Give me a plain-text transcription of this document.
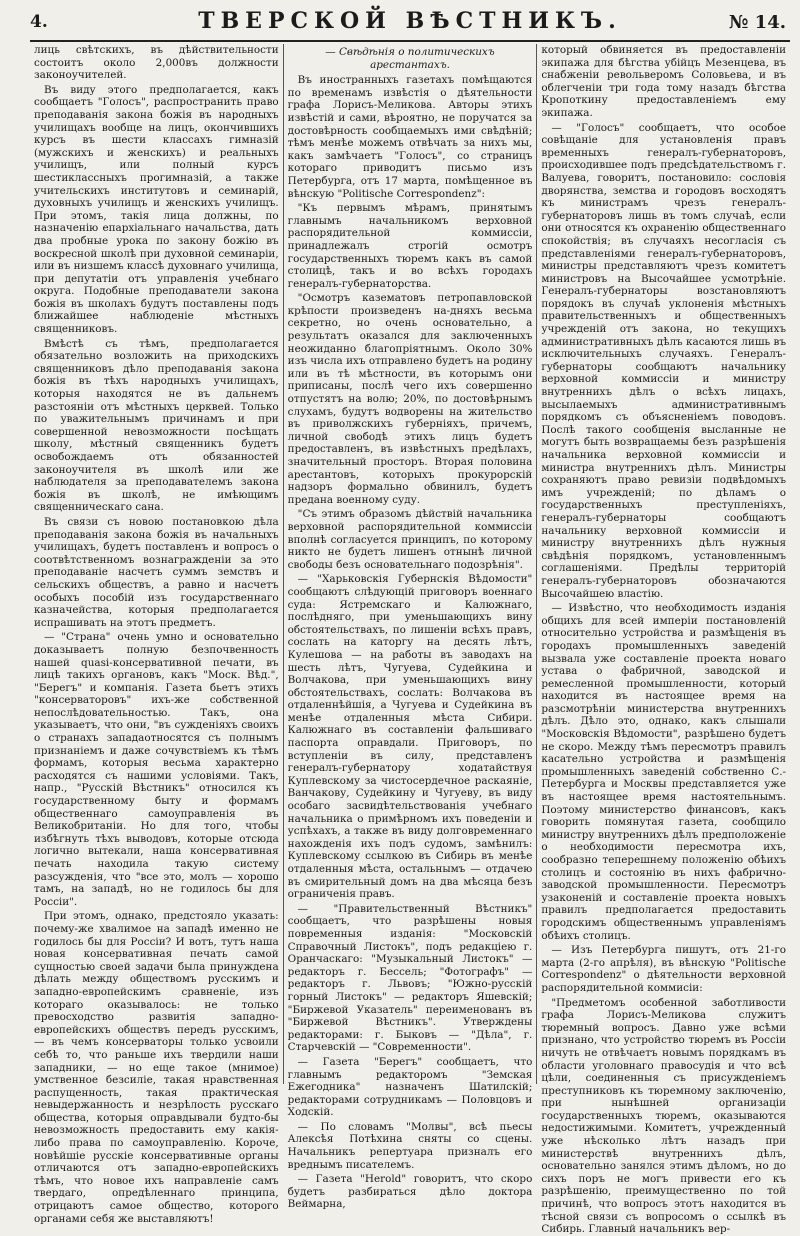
4.	ТВЕРСКОЙ ВѢСТНИКЪ.	№ 14.

лиць свѣтскихъ, въ дѣйствительности состоитъ около 2,000въ должности законоучителей.

Въ виду этого предполагается, какъ сообщаетъ "Голосъ", распространить право преподаванія закона божія въ народныхъ училищахъ вообще на лицъ, окончившихъ курсъ въ шести классахъ гимназій (мужскихъ и женскихъ) и реальныхъ училищъ, или полный курсъ шестиклассныхъ прогимназій, а также учительскихъ институтовъ и семинарій, духовныхъ училищъ и женскихъ училищъ. При этомъ, такія лица должны, по назначенію епархіальнаго начальства, дать два пробные урока по закону божію въ воскресной школѣ при духовной семинаріи, или въ низшемъ классѣ духовнаго училища, при депутатіи отъ управленія учебнаго округа. Подобные преподаватели закона божія въ школахъ будутъ поставлены подъ ближайшее наблюденіе мѣстныхъ священниковъ.

Вмѣстѣ съ тѣмъ, предполагается обязательно возложить на приходскихъ священниковъ дѣло преподаванія закона божія въ тѣхъ народныхъ училищахъ, которыя находятся не въ дальнемъ разстояніи отъ мѣстныхъ церквей. Только по уважительнымъ причинамъ и при совершенной невозможности посѣщать школу, мѣстный священникъ будетъ освобождаемъ отъ обязанностей законоучителя въ школѣ или же наблюдателя за преподавателемъ закона божія въ школѣ, не имѣющимъ священническаго сана.

Въ связи съ новою постановкою дѣла преподаванія закона божія въ начальныхъ училищахъ, будетъ поставленъ и вопросъ о соотвѣтственномъ вознагражденіи за это преподаваніе насчетъ суммъ земствъ и сельскихъ обществъ, а равно и насчетъ особыхъ пособій изъ государственнаго казначейства, которыя предполагается испрашивать на этотъ предметъ.

— "Страна" очень умно и основательно доказываетъ полную безпочвенность нашей quasi-консервативной печати, въ лицѣ такихъ органовъ, какъ "Моск. Вѣд.", "Берегъ" и компанія. Газета бьетъ этихъ "консерваторовъ" ихъ-же собственной непослѣдовательностью. Такъ, она указываетъ, что они, "въ сужденіяхъ своихъ о странахъ западаотносятся съ полнымъ признаніемъ и даже сочувствіемъ къ тѣмъ формамъ, которыя весьма характерно расходятся съ нашими условіями. Такъ, напр., "Русскій Вѣстникъ" относился къ государственному быту и формамъ общественнаго самоуправленія въ Великобританіи. Но для того, чтобы избѣгнуть тѣхъ выводовъ, которые отсюда логично вытекали, наша консервативная печать находила такую систему разсужденія, что "все это, молъ — хорошо тамъ, на западѣ, но не годилось бы для Россіи".

При этомъ, однако, предстояло указать: почему-же хвалимое на западѣ именно не годилось бы для Россіи? И вотъ, тутъ наша новая консервативная печать самой сущностью своей задачи была принуждена дѣлать между обществомъ русскимъ и западно-европейскимъ сравненіе, изъ котораго оказывалось: не только превосходство развитія западно-европейскихъ обществъ передъ русскимъ, — въ чемъ консерваторы только усвоили себѣ то, что раньше ихъ твердили наши западники, — но еще такое (мнимое) умственное безсиліе, такая нравственная распущенность, такая практическая невыдержанность и незрѣлость русскаго общества, которыя оправдывали будто-бы невозможность предоставить ему какія-либо права по самоуправленію. Короче, новѣйшіе русскіе консервативные органы отличаются отъ западно-европейскихъ тѣмъ, что новое ихъ направленіе самъ твердаго, опредѣленнаго принципа, отрицаютъ самое общество, которого органами себя же выставляютъ!

— Свѣдѣнія о политическихъ арестантахъ.

Въ иностранныхъ газетахъ помѣщаются по временамъ извѣстія о дѣятельности графа Лорисъ-Меликова. Авторы этихъ извѣстій и сами, вѣроятно, не поручатся за достовѣрность сообщаемыхъ ими свѣдѣній; тѣмъ менѣе можемъ отвѣчать за нихъ мы, какъ замѣчаетъ "Голосъ", со страницъ котораго приводитъ письмо изъ Петербурга, отъ 17 марта, помѣщенное въ вѣнскую "Politische Correspondenz":

"Къ первымъ мѣрамъ, принятымъ главнымъ начальникомъ верховной распорядительной коммиссіи, принадлежалъ строгій осмотръ государственныхъ тюремъ какъ въ самой столицѣ, такъ и во всѣхъ городахъ генералъ-губернаторства.

"Осмотръ казематовъ петропавловской крѣпости произведенъ на-дняхъ весьма секретно, но очень основательно, а результатъ оказался для заключенныхъ неожиданно благопріятнымъ. Около 30% изъ числа ихъ отправлено будетъ на родину или въ тѣ мѣстности, въ которымъ они приписаны, послѣ чего ихъ совершенно отпустятъ на волю; 20%, по достовѣрнымъ слухамъ, будутъ водворены на жительство въ приволжскихъ губерніяхъ, причемъ, личной свободѣ этихъ лицъ будетъ предоставленъ, въ извѣстныхъ предѣлахъ, значительный просторъ. Вторая половина арестантовъ, которыхъ прокурорскій надзоръ формально обвинилъ, будетъ предана военному суду.

"Съ этимъ образомъ дѣйствій начальника верховной распорядительной коммиссіи вполнѣ согласуется принципъ, по которому никто не будетъ лишенъ отнынѣ личной свободы безъ основательнаго подозрѣнія".

— "Харьковскія Губернскія Вѣдомости" сообщаютъ слѣдующій приговоръ военнаго суда: Ястремскаго и Калюжнаго, послѣдняго, при уменьшающихъ вину обстоятельствахъ, по лишеніи всѣхъ правъ, сослать на каторгу на десять лѣтъ, Кулешова — на работы въ заводахъ на шесть лѣтъ, Чугуева, Судейкина и Волчакова, при уменьшающихъ вину обстоятельствахъ, сослать: Волчакова въ отдаленнѣйшія, а Чугуева и Судейкина въ менѣе отдаленныя мѣста Сибири. Калюжнаго въ составленіи фальшиваго паспорта оправдали. Приговоръ, по вступленіи въ силу, представленъ генералъ-губернатору ходатайствуя Куплевскому за чистосердечное раскаяніе, Ванчакову, Судейкину и Чугуеву, въ виду особаго засвидѣтельствованія учебнаго начальника о примѣрномъ ихъ поведеніи и успѣхахъ, а также въ виду долговременнаго нахожденія ихъ подъ судомъ, замѣнилъ: Куплевскому ссылкою въ Сибирь въ менѣе отдаленныя мѣста, остальнымъ — отдачею въ смирительный домъ на два мѣсяца безъ ограниченія правъ.

— "Правительственный Вѣстникъ" сообщаетъ, что разрѣшены новыя повременныя изданія: "Московскій Справочный Листокъ", подъ редакціею г. Оранчаскаго: "Музыкальный Листокъ" — редакторъ г. Бессель; "Фотографъ" — редакторъ г. Львовъ; "Южно-русскій горный Листокъ" — редакторъ Яшевскій; "Биржевой Указатель" переименованъ въ "Биржевой Вѣстникъ". Утверждены редакторами: г. Быковъ — "Дѣла", г. Старчевскій — "Современности".

— Газета "Берегъ" сообщаетъ, что главнымъ редакторомъ "Земская Ежегодника" назначенъ Шатилскій; редакторами сотрудникамъ — Половцовъ и Ходскій.

— По словамъ "Молвы", всѣ пьесы Алексѣя Потѣхина сняты со сцены. Начальникъ репертуара призналъ его вреднымъ писателемъ.

— Газета "Herold" говоритъ, что скоро будетъ разбираться дѣло доктора Веймарна,

который обвиняется въ предоставленіи экипажа для бѣгства убійцъ Мезенцева, въ снабженіи револьверомъ Соловьева, и въ облегченіи три года тому назадъ бѣгства Кропоткину предоставленіемъ ему экипажа.

— "Голосъ" сообщаетъ, что особое совѣщаніе для установленія правъ временныхъ генералъ-губернаторовъ, происходившее подъ предсѣдательствомъ г. Валуева, говоритъ, постановило: сословія дворянства, земства и городовъ восходятъ къ министрамъ чрезъ генералъ-губернаторовъ лишь въ томъ случаѣ, если они относятся къ охраненію общественнаго спокойствія; въ случаяхъ несогласія съ представленіями генералъ-губернаторовъ, министры представляютъ чрезъ комитетъ министровъ на Высочайшее усмотрѣніе. Генералъ-губернаторы возстановляютъ порядокъ въ случаѣ уклоненія мѣстныхъ правительственныхъ и общественныхъ учрежденій отъ закона, но текущихъ административныхъ дѣлъ касаются лишь въ исключительныхъ случаяхъ. Генералъ-губернаторы сообщаютъ начальнику верховной коммиссіи и министру внутреннихъ дѣлъ о всѣхъ лицахъ, высылаемыхъ административнымъ порядкомъ съ объясненіемъ поводовъ. Послѣ такого сообщенія высланные не могутъ быть возвращаемы безъ разрѣшенія начальника верховной коммиссіи и министра внутреннихъ дѣлъ. Министры сохраняютъ право ревизіи подвѣдомыхъ имъ учрежденій; по дѣламъ о государственныхъ преступленіяхъ, генералъ-губернаторы сообщаютъ начальнику верховной коммиссіи и министру внутреннихъ дѣлъ нужныя свѣдѣнія порядкомъ, установленнымъ соглашеніями. Предѣлы территорій генералъ-губернаторовъ обозначаются Высочайшею властію.

— Извѣстно, что необходимость изданія общихъ для всей имперіи постановленій относительно устройства и размѣщенія въ городахъ промышленныхъ заведеній вызвала уже составленіе проекта новаго устава о фабричной, заводской и ремесленной промышленности, который находится въ настоящее время на разсмотрѣніи министерства внутреннихъ дѣлъ. Дѣло это, однако, какъ слышали "Московскія Вѣдомости", разрѣшено будетъ не скоро. Между тѣмъ пересмотръ правилъ касательно устройства и размѣщенія промышленныхъ заведеній собственно С.-Петербурга и Москвы представляется уже въ настоящее время настоятельнымъ. Поэтому министерство финансовъ, какъ говорить помянутая газета, сообщило министру внутреннихъ дѣлъ предположеніе о необходимости пересмотра ихъ, сообразно теперешнему положенію обѣихъ столицъ и состоянію въ нихъ фабрично-заводской промышленности. Пересмотръ узаконеній и составленіе проекта новыхъ правилъ предполагается предоставить городскимъ общественнымъ управленіямъ обѣихъ столицъ.

— Изъ Петербурга пишутъ, отъ 21-го марта (2-го апрѣля), въ вѣнскую "Politische Correspondenz" о дѣятельности верховной распорядительной коммисіи:

"Предметомъ особенной заботливости графа Лорисъ-Меликова служитъ тюремный вопросъ. Давно уже всѣми признано, что устройство тюремъ въ Россіи ничуть не отвѣчаетъ новымъ порядкамъ въ области уголовнаго правосудія и что всѣ цѣли, соединенныя съ присужденіемъ преступниковъ къ тюремному заключенію, при нынѣшней организаціи государственныхъ тюремъ, оказываются недостижимыми. Комитетъ, учрежденный уже нѣсколько лѣтъ назадъ при министерствѣ внутреннихъ дѣлъ, основательно занялся этимъ дѣломъ, но до сихъ поръ не могъ привести его къ разрѣшенію, преимущественно по той причинѣ, что вопросъ этотъ находится въ тѣсной связи съ вопросомъ о ссылкѣ въ Сибирь. Главный начальникъ вер-
